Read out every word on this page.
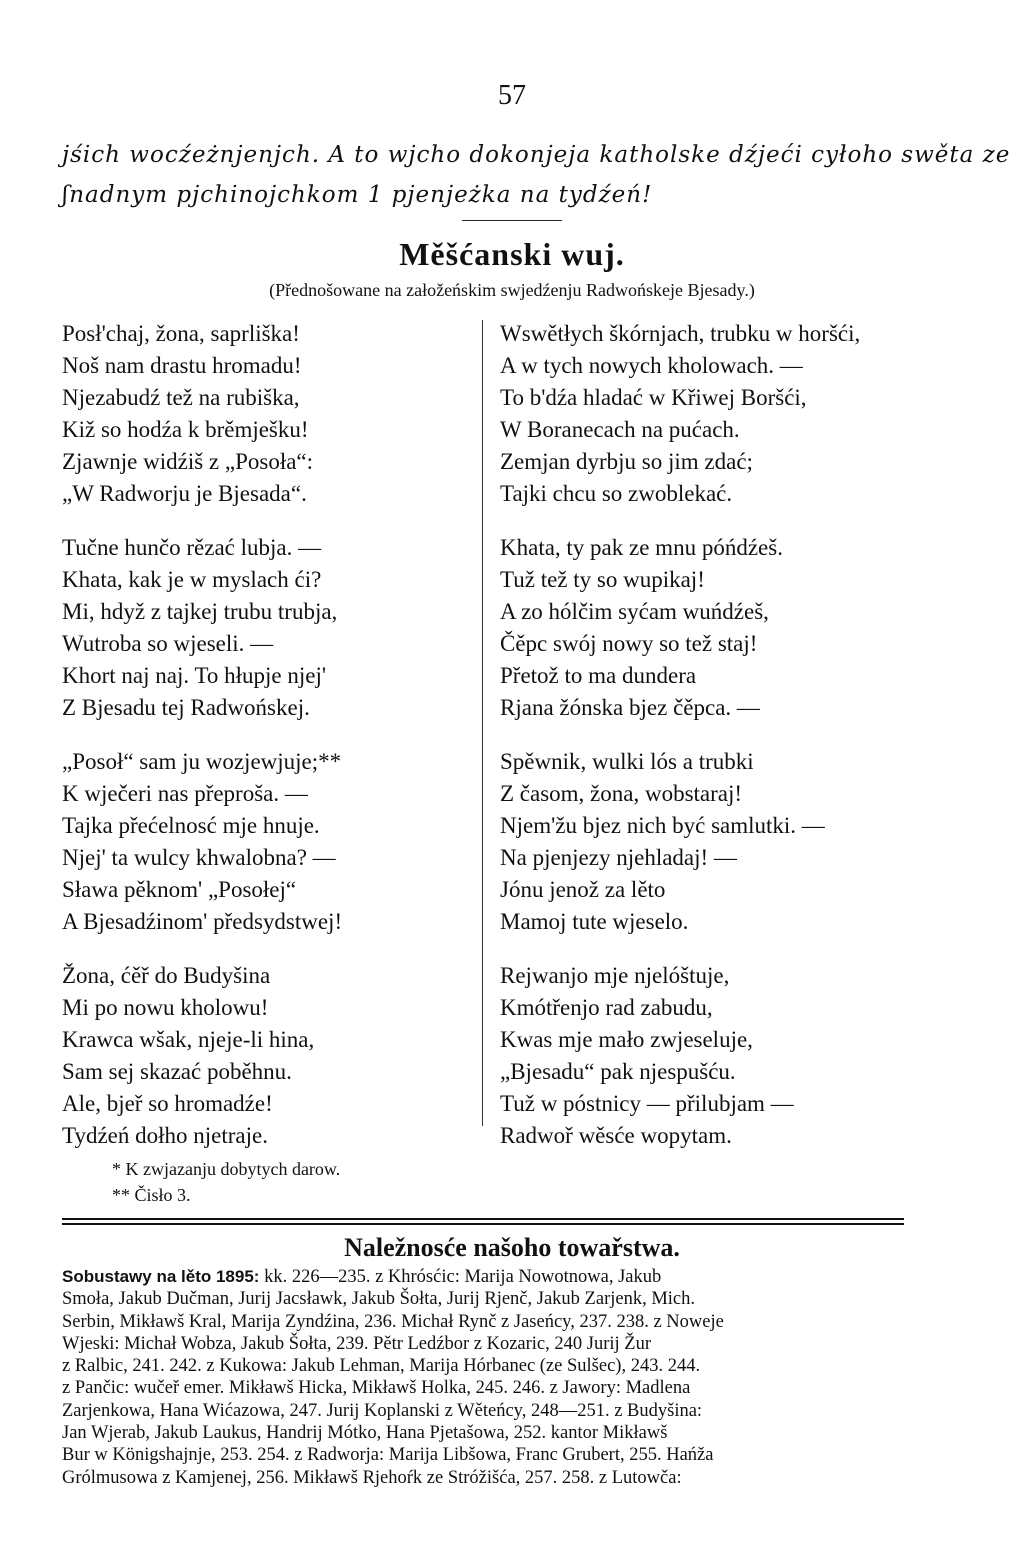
57
jśich wocźeżnjenjch. A to wjcho dokonjeja katholske dźjeći cyłoho swěta ze
ʃnadnym pjchinojchkom 1 pjenjeżka na tydźeń!
Měšćanski wuj.
(Přednošowane na załožeńskim swjedźenju Radwońskeje Bjesady.)
Posł'chaj, žona, saprliška!
Noš nam drastu hromadu!
Njezabudź tež na rubiška,
Kiž so hodźa k brěmješku!
Zjawnje widźiš z „Posoła“:
„W Radworju je Bjesada“.
Tučne hunčo rězać lubja. —
Khata, kak je w myslach ći?
Mi, hdyž z tajkej trubu trubja,
Wutroba so wjeseli. —
Khort naj naj. To hłupje njej'
Z Bjesadu tej Radwońskej.
„Posoł“ sam ju wozjewjuje;**
K wječeri nas přeproša. —
Tajka přećelnosć mje hnuje.
Njej' ta wulcy khwalobna? —
Sława pěknom' „Posołej“
A Bjesadźinom' předsydstwej!
Žona, ćěř do Budyšina
Mi po nowu kholowu!
Krawca wšak, njeje-li hina,
Sam sej skazać poběhnu.
Ale, bjeř so hromadźe!
Tydźeń dołho njetraje.
Wswětłych škórnjach, trubku w horšći,
A w tych nowych kholowach. —
To b'dźa hladać w Křiwej Boršći,
W Boranecach na pućach.
Zemjan dyrbju so jim zdać;
Tajki chcu so zwoblekać.
Khata, ty pak ze mnu póńdźeš.
Tuž tež ty so wupikaj!
A zo hólčim syćam wuńdźeš,
Čěpc swój nowy so tež staj!
Přetož to ma dundera
Rjana žónska bjez čěpca. —
Spěwnik, wulki lós a trubki
Z časom, žona, wobstaraj!
Njem'žu bjez nich być samlutki. —
Na pjenjezy njehladaj! —
Jónu jenož za lěto
Mamoj tute wjeselo.
Rejwanjo mje njelóštuje,
Kmótřenjo rad zabudu,
Kwas mje mało zwjeseluje,
„Bjesadu“ pak njespušću.
Tuž w póstnicy — přilubjam —
Radwoř wěsće wopytam.
* K zwjazanju dobytych darow.
** Čisło 3.
Naležnosće našoho towařstwa.
Sobustawy na lěto 1895: kk. 226—235. z Khrósćic: Marija Nowotnowa, Jakub
Smoła, Jakub Dučman, Jurij Jacsławk, Jakub Šołta, Jurij Rjenč, Jakub Zarjenk, Mich.
Serbin, Mikławš Kral, Marija Zyndźina, 236. Michał Rynč z Jaseńcy, 237. 238. z Noweje
Wjeski: Michał Wobza, Jakub Šołta, 239. Pětr Ledźbor z Kozaric, 240 Jurij Žur
z Ralbic, 241. 242. z Kukowa: Jakub Lehman, Marija Hórbanec (ze Sulšec), 243. 244.
z Pančic: wučeř emer. Mikławš Hicka, Mikławš Holka, 245. 246. z Jawory: Madlena
Zarjenkowa, Hana Wićazowa, 247. Jurij Koplanski z Wěteńcy, 248—251. z Budyšina:
Jan Wjerab, Jakub Laukus, Handrij Mótko, Hana Pjetašowa, 252. kantor Mikławš
Bur w Königshajnje, 253. 254. z Radworja: Marija Libšowa, Franc Grubert, 255. Hańža
Grólmusowa z Kamjenej, 256. Mikławš Rjehoŕk ze Stróžišća, 257. 258. z Lutowča:
